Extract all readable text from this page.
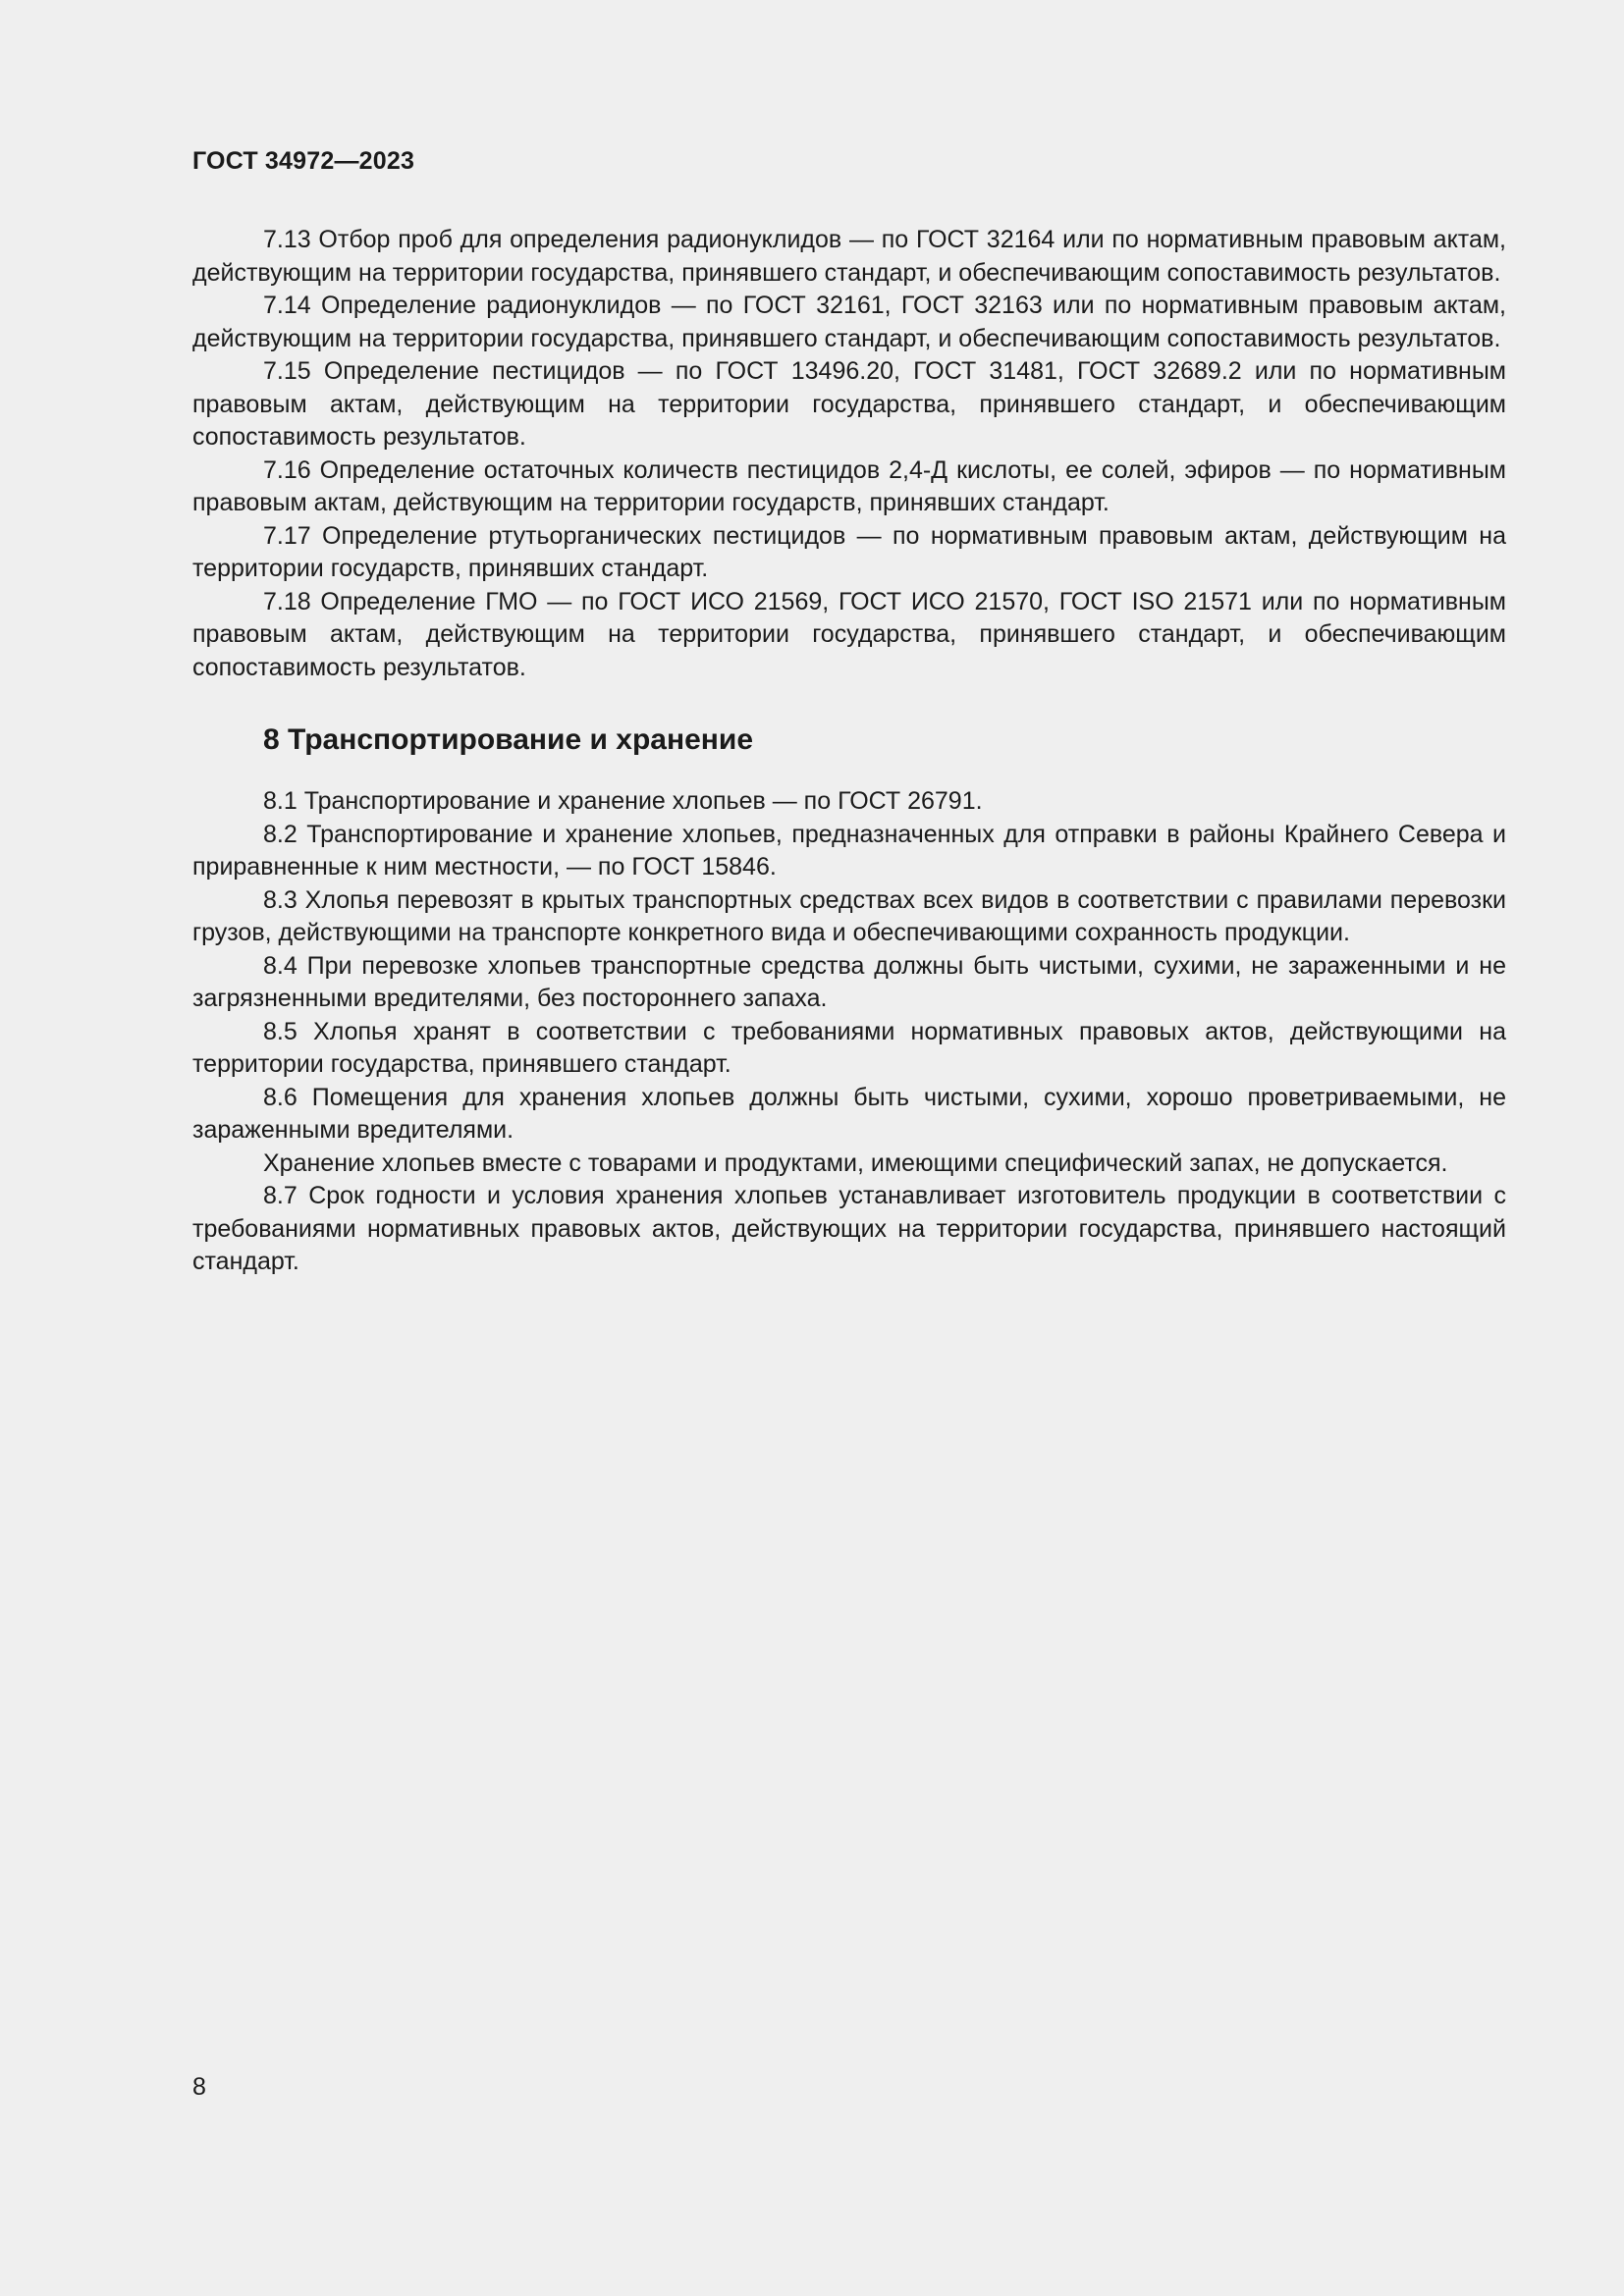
ГОСТ 34972—2023

7.13 Отбор проб для определения радионуклидов — по ГОСТ 32164 или по нормативным правовым актам, действующим на территории государства, принявшего стандарт, и обеспечивающим сопоставимость результатов.

7.14 Определение радионуклидов — по ГОСТ 32161, ГОСТ 32163 или по нормативным правовым актам, действующим на территории государства, принявшего стандарт, и обеспечивающим сопоставимость результатов.

7.15 Определение пестицидов — по ГОСТ 13496.20, ГОСТ 31481, ГОСТ 32689.2 или по нормативным правовым актам, действующим на территории государства, принявшего стандарт, и обеспечивающим сопоставимость результатов.

7.16 Определение остаточных количеств пестицидов 2,4-Д кислоты, ее солей, эфиров — по нормативным правовым актам, действующим на территории государств, принявших стандарт.

7.17 Определение ртутьорганических пестицидов — по нормативным правовым актам, действующим на территории государств, принявших стандарт.

7.18 Определение ГМО — по ГОСТ ИСО 21569, ГОСТ ИСО 21570, ГОСТ ISO 21571 или по нормативным правовым актам, действующим на территории государства, принявшего стандарт, и обеспечивающим сопоставимость результатов.

8 Транспортирование и хранение

8.1 Транспортирование и хранение хлопьев — по ГОСТ 26791.

8.2 Транспортирование и хранение хлопьев, предназначенных для отправки в районы Крайнего Севера и приравненные к ним местности, — по ГОСТ 15846.

8.3 Хлопья перевозят в крытых транспортных средствах всех видов в соответствии с правилами перевозки грузов, действующими на транспорте конкретного вида и обеспечивающими сохранность продукции.

8.4 При перевозке хлопьев транспортные средства должны быть чистыми, сухими, не зараженными и не загрязненными вредителями, без постороннего запаха.

8.5 Хлопья хранят в соответствии с требованиями нормативных правовых актов, действующими на территории государства, принявшего стандарт.

8.6 Помещения для хранения хлопьев должны быть чистыми, сухими, хорошо проветриваемыми, не зараженными вредителями.

Хранение хлопьев вместе с товарами и продуктами, имеющими специфический запах, не допускается.

8.7 Срок годности и условия хранения хлопьев устанавливает изготовитель продукции в соответствии с требованиями нормативных правовых актов, действующих на территории государства, принявшего настоящий стандарт.

8
